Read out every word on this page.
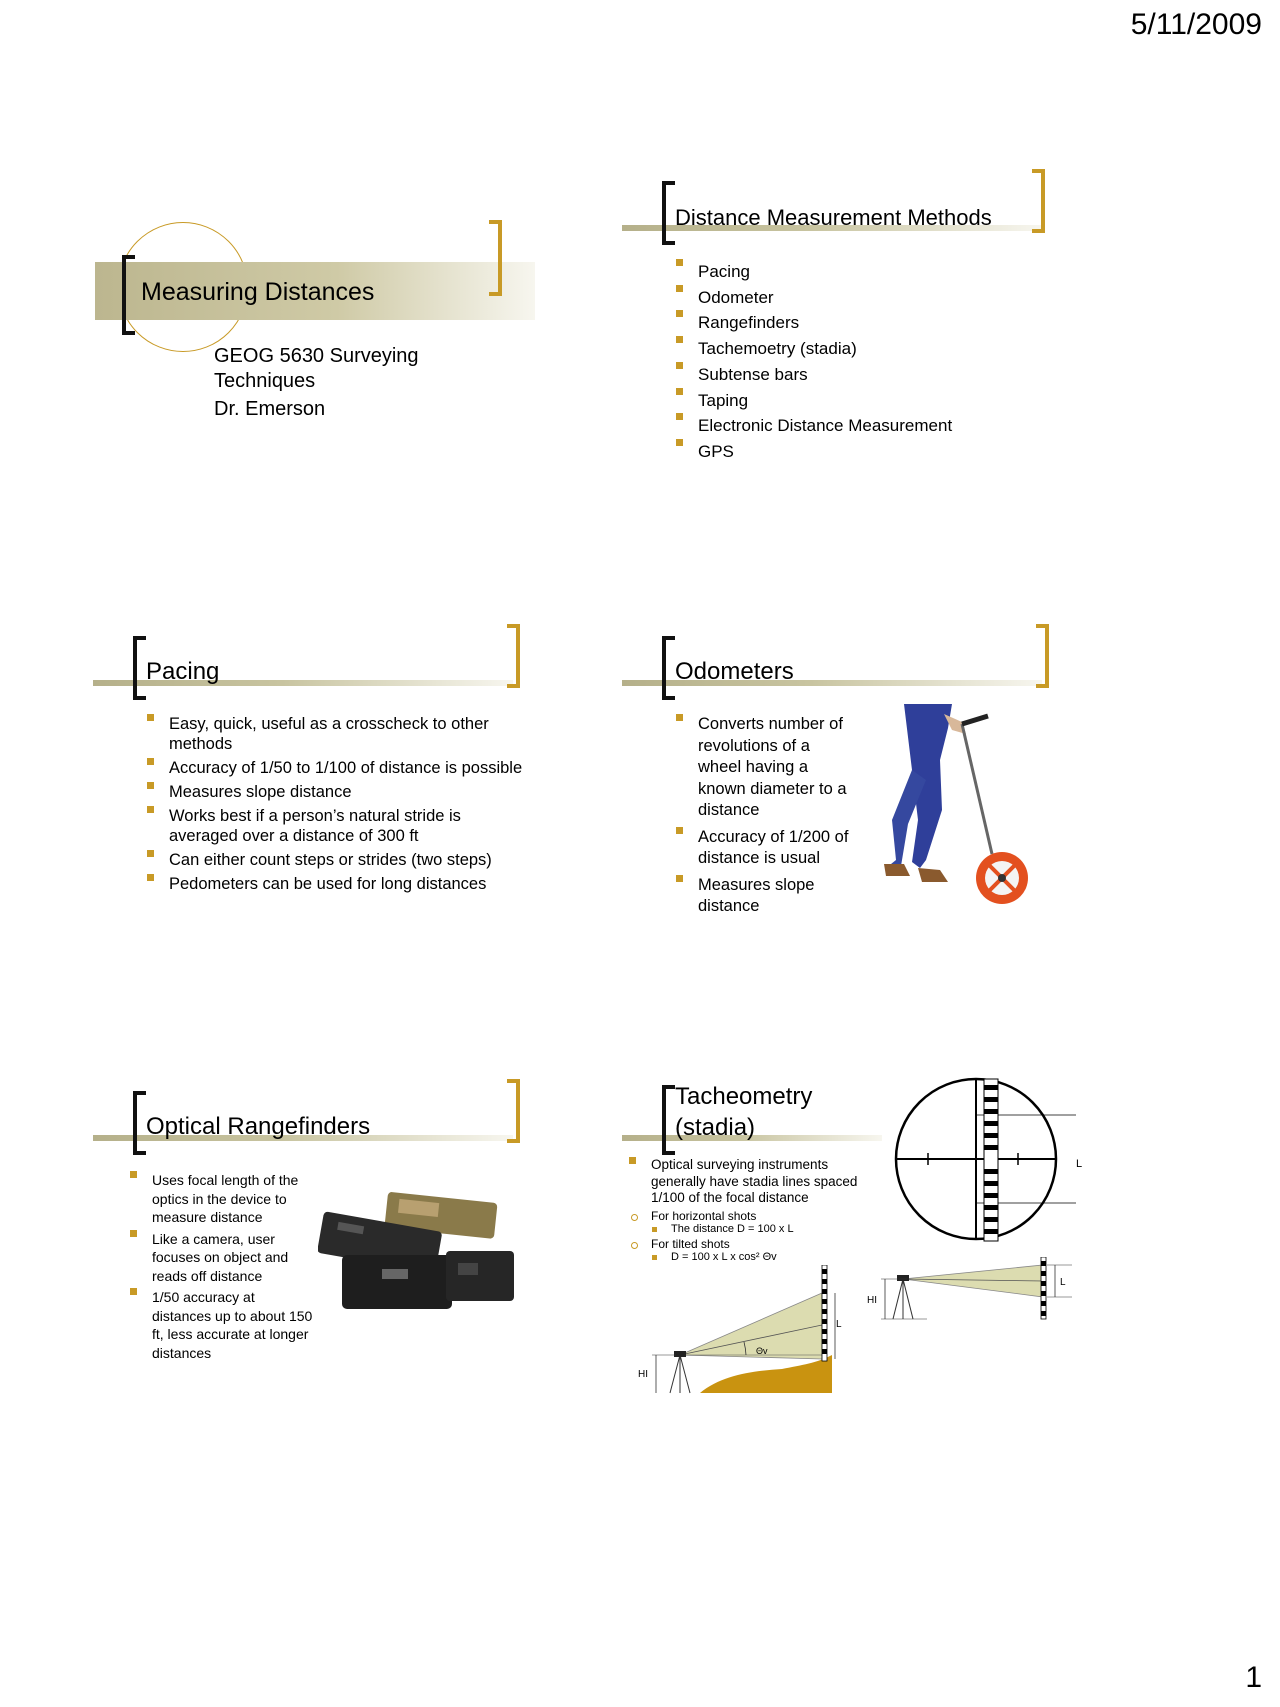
5/11/2009
Measuring Distances
GEOG 5630 Surveying
Techniques
Dr. Emerson
Distance Measurement Methods
Pacing
Odometer
Rangefinders
Tachemoetry (stadia)
Subtense bars
Taping
Electronic Distance Measurement
GPS
Pacing
Easy, quick, useful as a crosscheck to other methods
Accuracy of 1/50 to 1/100 of distance is possible
Measures slope distance
Works best if a person’s natural stride is averaged over a distance of 300 ft
Can either count steps or strides (two steps)
Pedometers can be used for long distances
Odometers
Converts number of revolutions of a wheel having a known diameter to a distance
Accuracy of 1/200 of distance is usual
Measures slope distance
Optical Rangefinders
Uses focal length of the optics in the device to measure distance
Like a camera, user focuses on object and reads off distance
1/50 accuracy at distances up to about 150 ft, less accurate at longer distances
Tacheometry
(stadia)
Optical surveying instruments generally have stadia lines spaced 1/100 of the focal distance
For horizontal shots
The distance D = 100 x L
For tilted shots
D = 100 x L x cos² Θv
L
HI
L
Θv
HI
L
1
